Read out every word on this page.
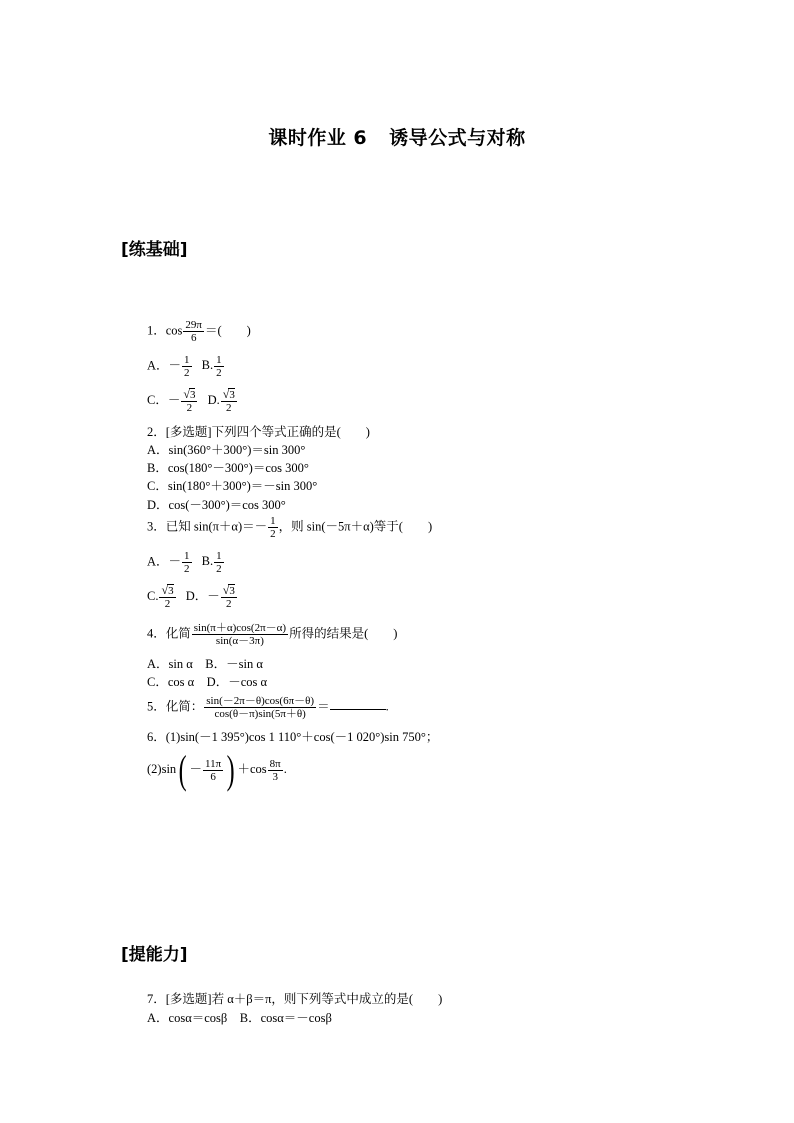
课时作业 6 诱导公式与对称
[练基础]
1．$\cos \frac{29\pi}{6}$ ＝(　　)
A．－ $\frac{1}{2} B$. $\frac{1}{2}$
C．－ $\frac{√3}{2} D$. $\frac{√3}{2}$
2．[多选题]下列四个等式正确的是(　　)
A．sin(360°＋300°)＝sin 300°
B．cos(180°－300°)＝cos 300°
C．sin(180°＋300°)＝－sin 300°
D．cos(－300°)＝cos 300°
3．已知 $\sin(\pi+\alpha)=- \frac{1}{2}$ ，则 sin(－5π＋α)等于(　　)
A．－ $\frac{1}{2} B$. $\frac{1}{2}$
C. $\frac{√3}{2}$ D．－ $\frac{√3}{2}$
4．化简 $\frac{\sin(\pi+\alpha)\cos(2\pi-\alpha)}{\sin(\alpha-3\pi)}$ 所得的结果是(　　)
A．sin α　B．－sin α
C．cos α　D．－cos α
5．化简： $\frac{\sin(-2\pi-\theta)\cos(6\pi-\theta)}{\cos(\theta-\pi)\sin(5\pi+\theta)}$ ＝	.
6．(1)sin(－1 395°)cos 1 110°＋cos(－1 020°)sin 750°；
$(2)\sin( - \frac{11\pi}{6}$ ) $+\cos \frac{8\pi}{3}$ .
[提能力]
7．[多选题]若 α＋β＝π，则下列等式中成立的是(　　)
A．cosα＝cosβ　B．cosα＝－cosβ
